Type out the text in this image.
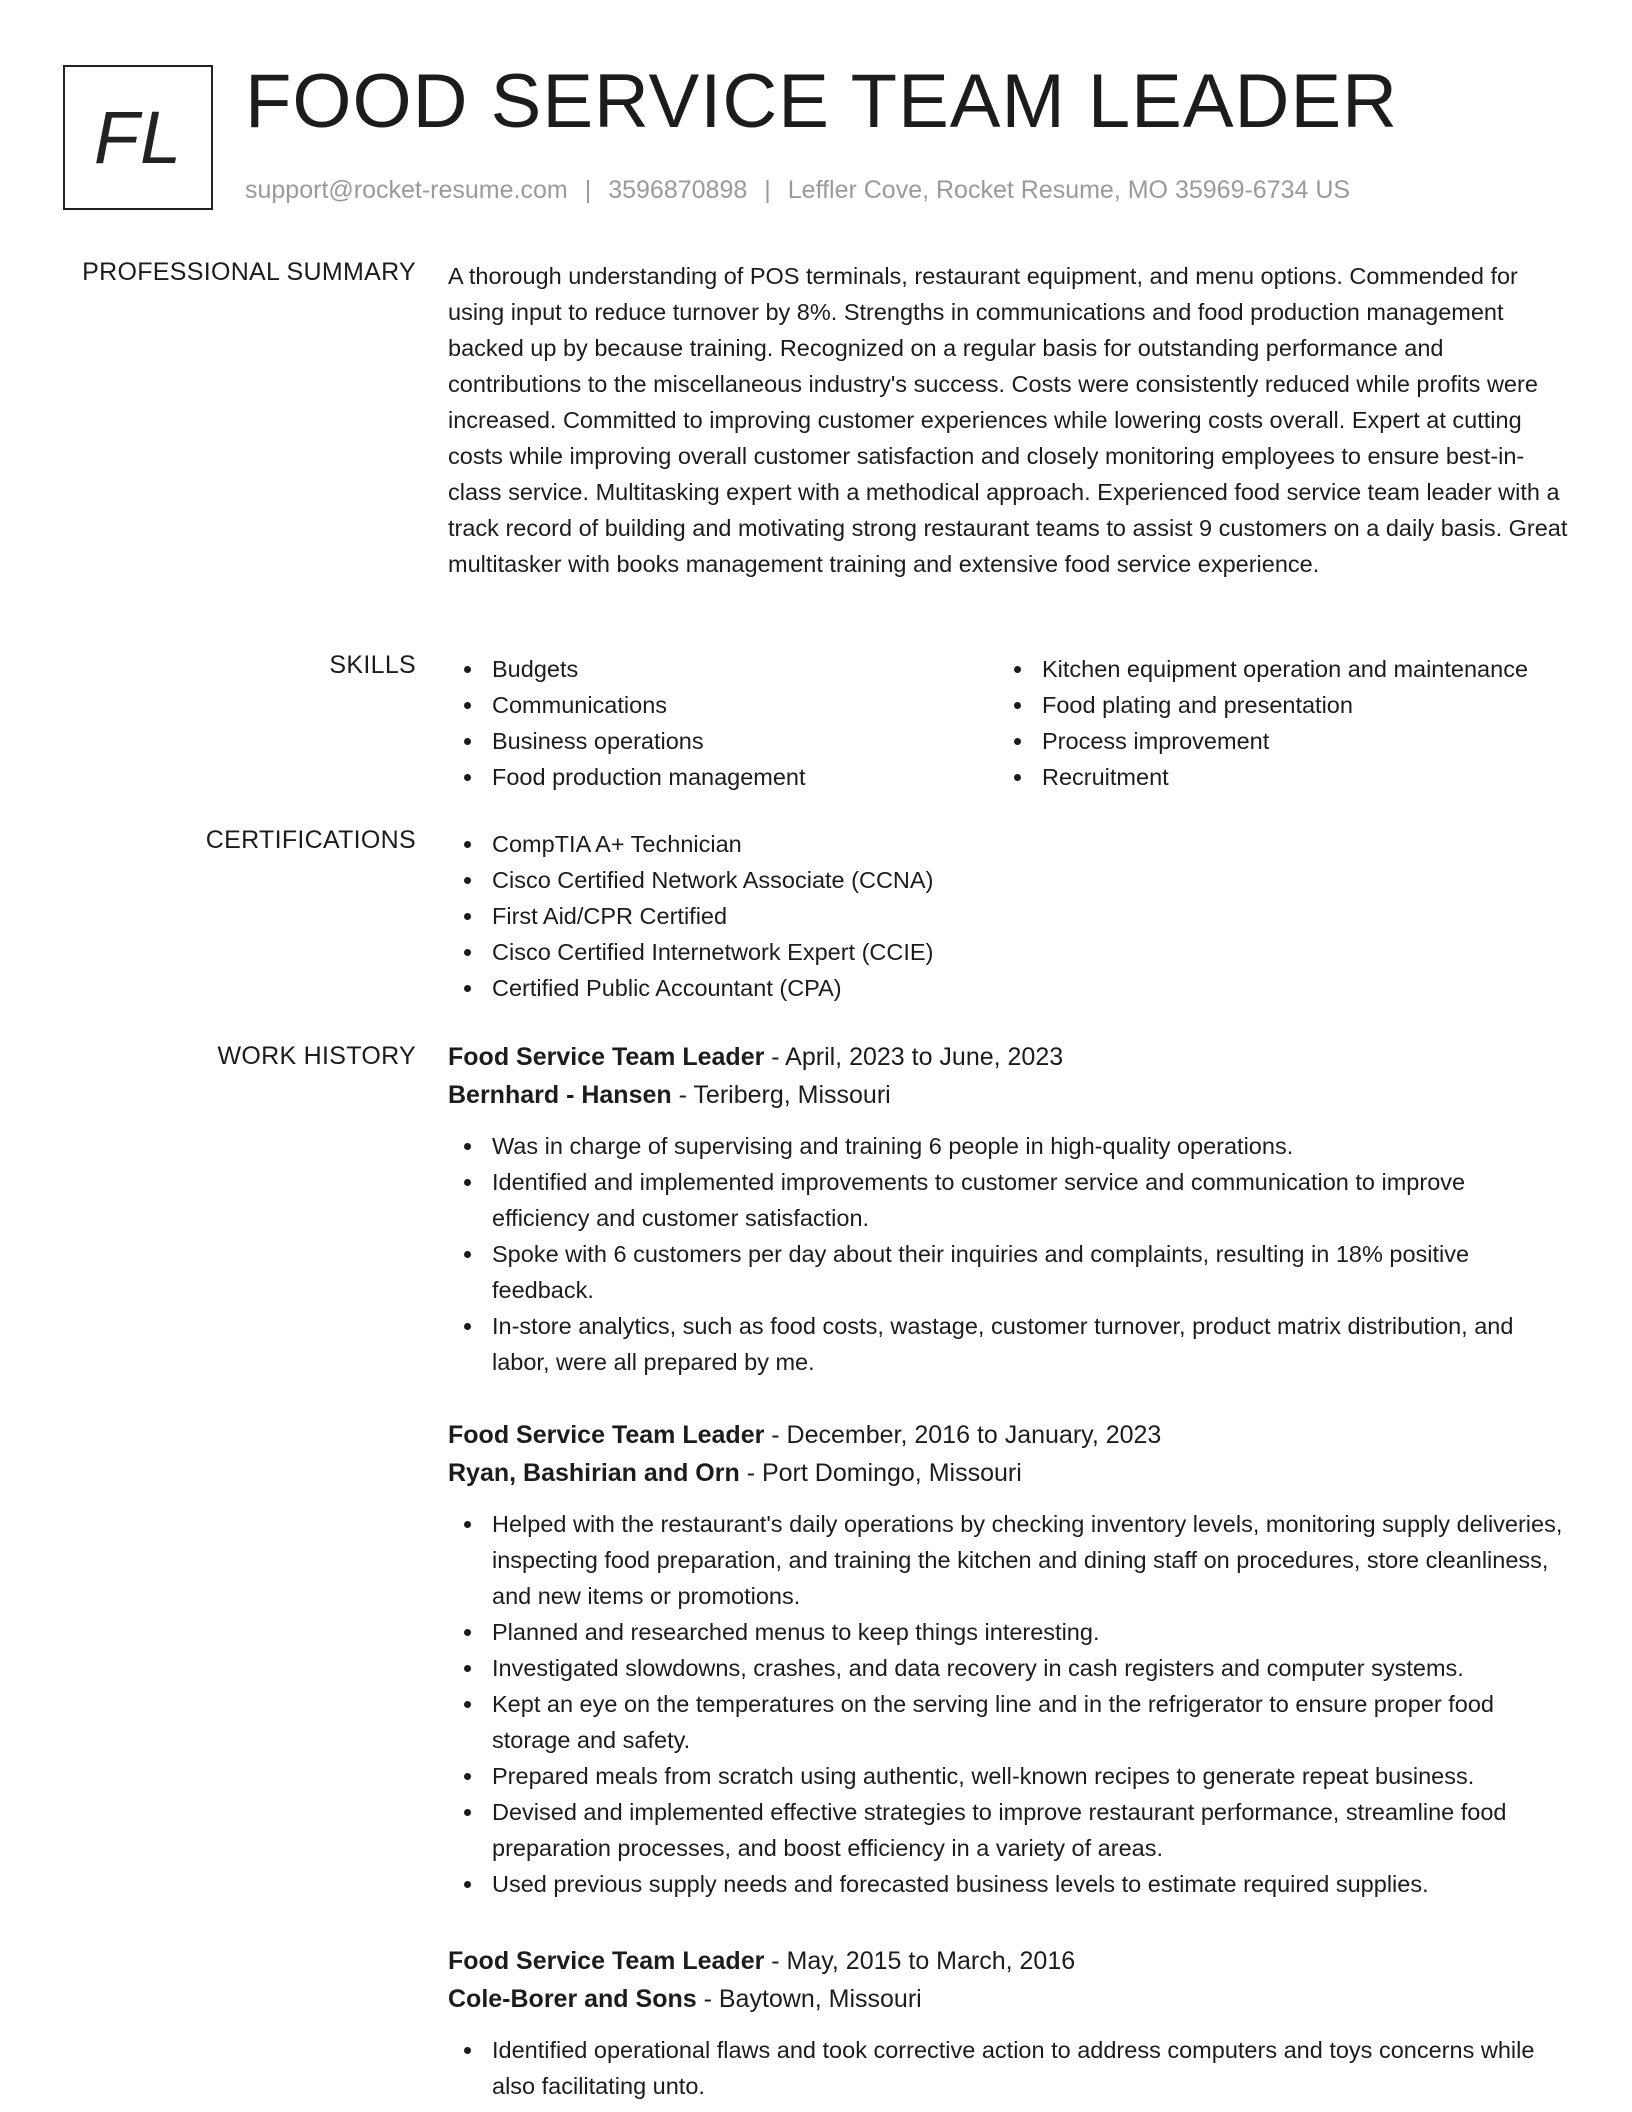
FL FOOD SERVICE TEAM LEADER
support@rocket-resume.com | 3596870898 | Leffler Cove, Rocket Resume, MO 35969-6734 US
PROFESSIONAL SUMMARY A thorough understanding of POS terminals, restaurant equipment, and menu options. Commended for using input to reduce turnover by 8%. Strengths in communications and food production management backed up by because training. Recognized on a regular basis for outstanding performance and contributions to the miscellaneous industry's success. Costs were consistently reduced while profits were increased. Committed to improving customer experiences while lowering costs overall. Expert at cutting costs while improving overall customer satisfaction and closely monitoring employees to ensure best-in-class service. Multitasking expert with a methodical approach. Experienced food service team leader with a track record of building and motivating strong restaurant teams to assist 9 customers on a daily basis. Great multitasker with books management training and extensive food service experience.
SKILLS	Budgets
Communications
Business operations
Food production management
Kitchen equipment operation and maintenance
Food plating and presentation
Process improvement
Recruitment
CERTIFICATIONS	CompTIA A+ Technician
Cisco Certified Network Associate (CCNA)
First Aid/CPR Certified
Cisco Certified Internetwork Expert (CCIE)
Certified Public Accountant (CPA)
WORK HISTORY Food Service Team Leader - April, 2023 to June, 2023
Bernhard - Hansen - Teriberg, Missouri
Was in charge of supervising and training 6 people in high-quality operations.
Identified and implemented improvements to customer service and communication to improve efficiency and customer satisfaction.
Spoke with 6 customers per day about their inquiries and complaints, resulting in 18% positive feedback.
In-store analytics, such as food costs, wastage, customer turnover, product matrix distribution, and labor, were all prepared by me.
Food Service Team Leader - December, 2016 to January, 2023
Ryan, Bashirian and Orn - Port Domingo, Missouri
Helped with the restaurant's daily operations by checking inventory levels, monitoring supply deliveries, inspecting food preparation, and training the kitchen and dining staff on procedures, store cleanliness, and new items or promotions.
Planned and researched menus to keep things interesting.
Investigated slowdowns, crashes, and data recovery in cash registers and computer systems.
Kept an eye on the temperatures on the serving line and in the refrigerator to ensure proper food storage and safety.
Prepared meals from scratch using authentic, well-known recipes to generate repeat business.
Devised and implemented effective strategies to improve restaurant performance, streamline food preparation processes, and boost efficiency in a variety of areas.
Used previous supply needs and forecasted business levels to estimate required supplies.
Food Service Team Leader - May, 2015 to March, 2016
Cole-Borer and Sons - Baytown, Missouri
Identified operational flaws and took corrective action to address computers and toys concerns while also facilitating unto.
